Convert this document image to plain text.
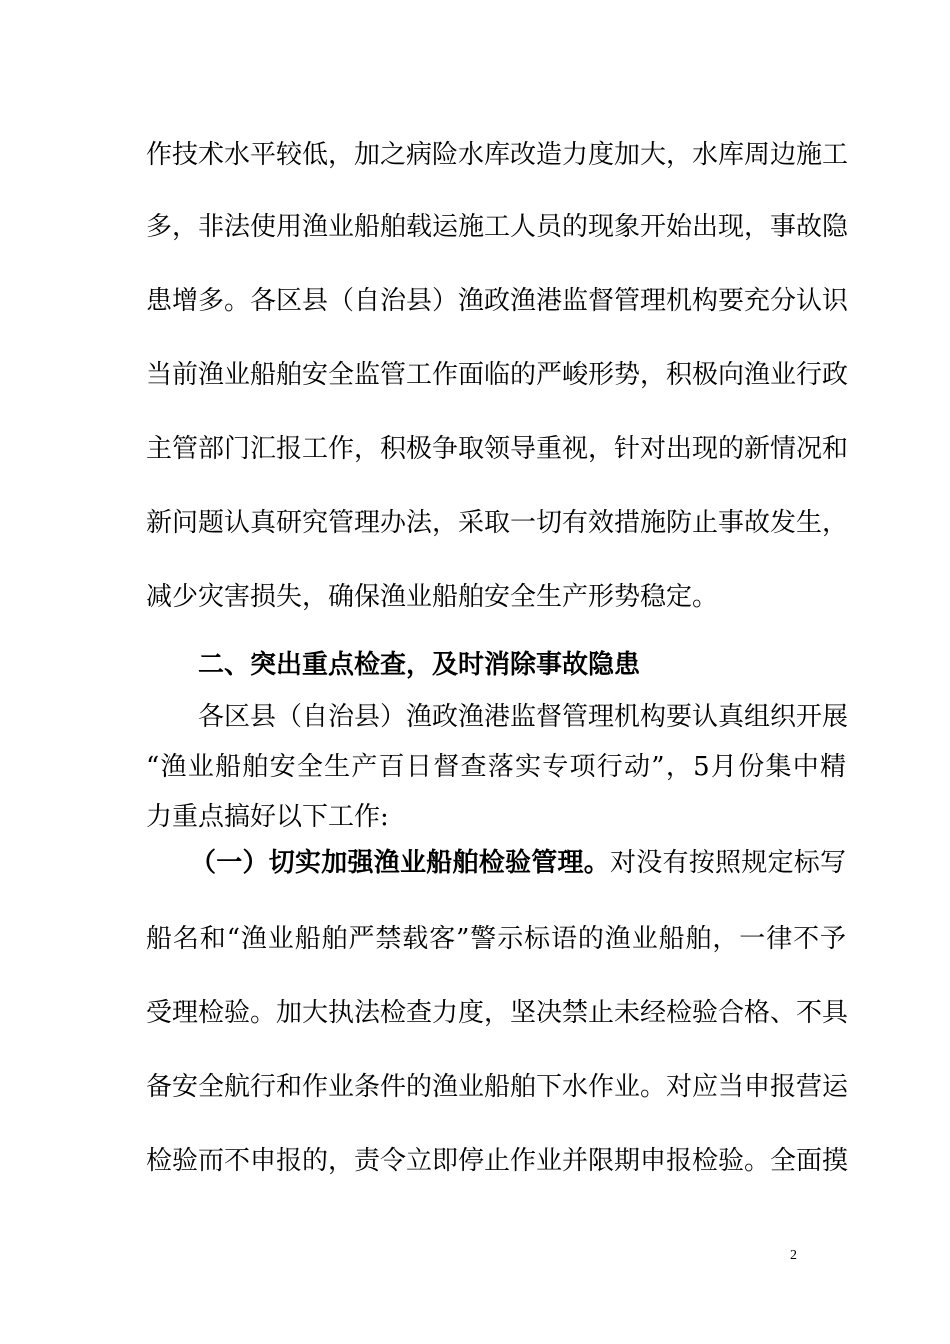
作技术水平较低，加之病险水库改造力度加大，水库周边施工
多，非法使用渔业船舶载运施工人员的现象开始出现，事故隐
患增多。各区县（自治县）渔政渔港监督管理机构要充分认识
当前渔业船舶安全监管工作面临的严峻形势，积极向渔业行政
主管部门汇报工作，积极争取领导重视，针对出现的新情况和
新问题认真研究管理办法，采取一切有效措施防止事故发生，
减少灾害损失，确保渔业船舶安全生产形势稳定。
二、突出重点检查，及时消除事故隐患
各区县（自治县）渔政渔港监督管理机构要认真组织开展
“渔业船舶安全生产百日督查落实专项行动”，5月份集中精
力重点搞好以下工作:
（一）切实加强渔业船舶检验管理。对没有按照规定标写
船名和“渔业船舶严禁载客”警示标语的渔业船舶，一律不予
受理检验。加大执法检查力度，坚决禁止未经检验合格、不具
备安全航行和作业条件的渔业船舶下水作业。对应当申报营运
检验而不申报的，责令立即停止作业并限期申报检验。全面摸
2
